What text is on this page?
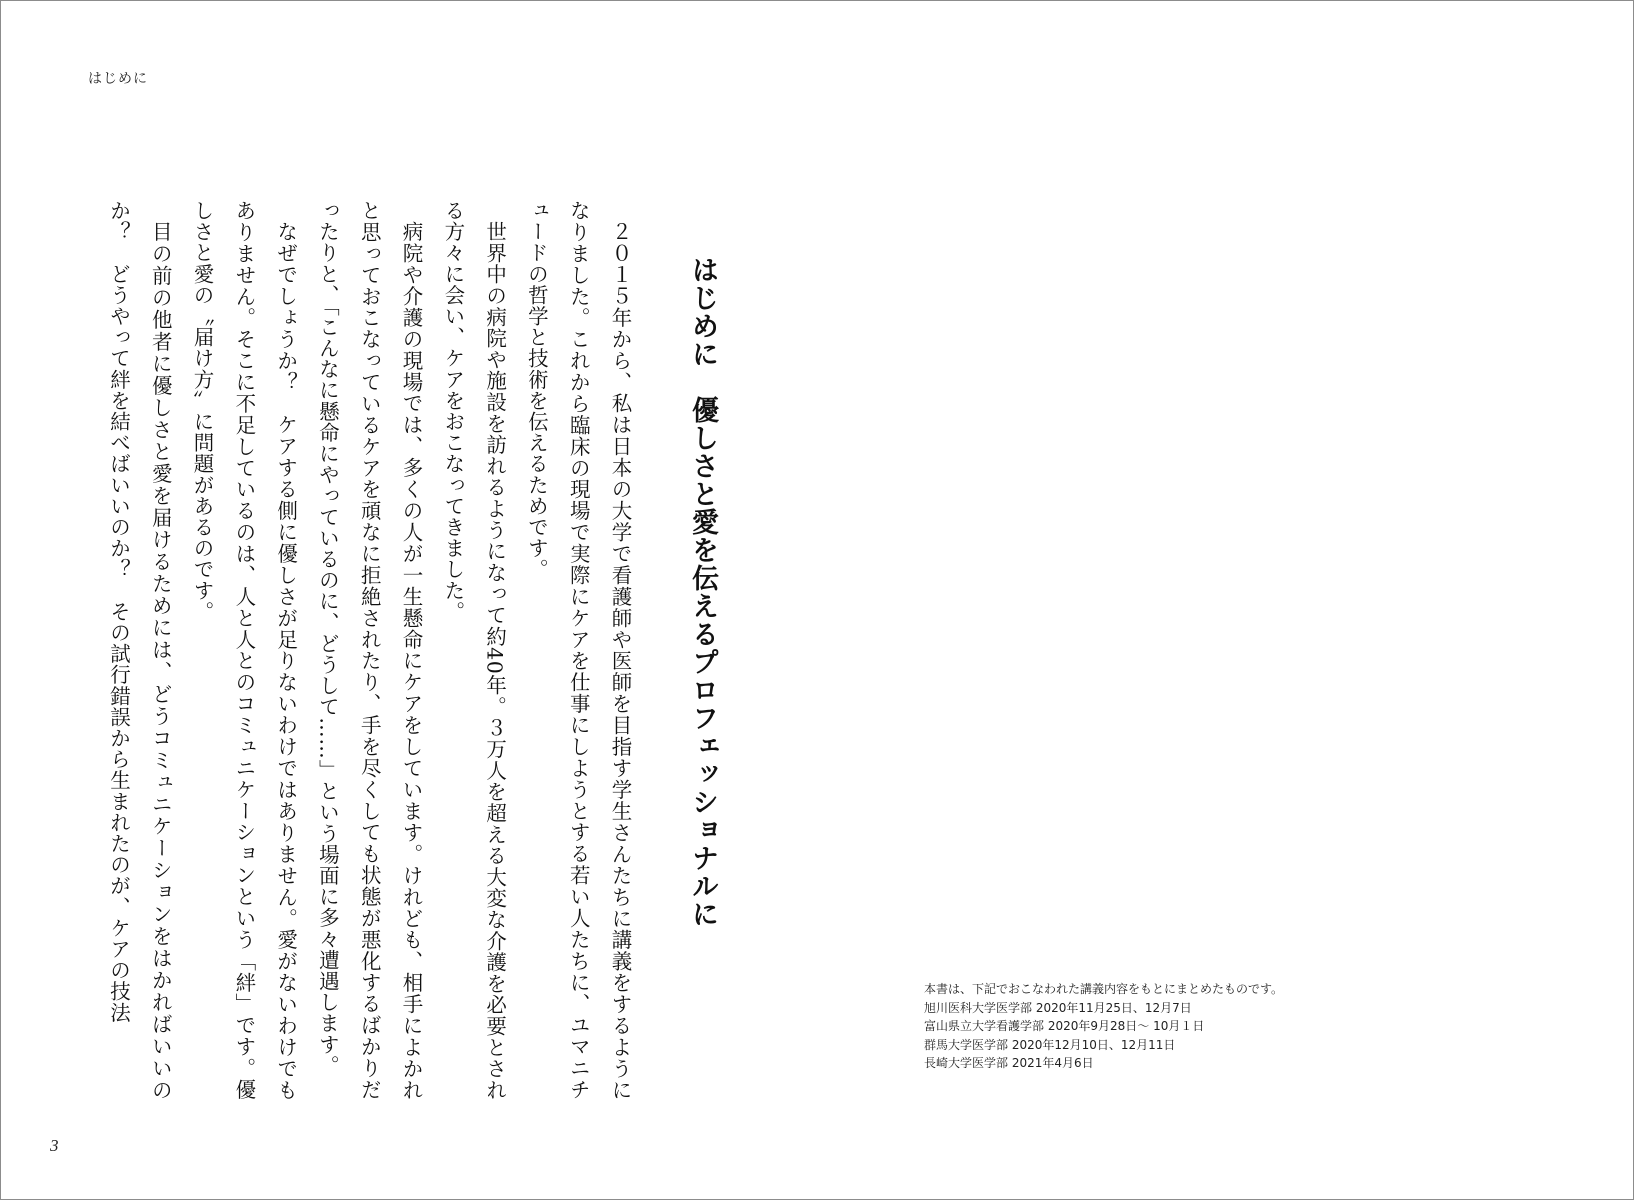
はじめに
はじめに　優しさと愛を伝えるプロフェッショナルに

２０１５年から、私は日本の大学で看護師や医師を目指す学生さんたちに講義をするようになりました。これから臨床の現場で実際にケアを仕事にしようとする若い人たちに、ユマニチュードの哲学と技術を伝えるためです。

世界中の病院や施設を訪れるようになって約40年。３万人を超える大変な介護を必要とされる方々に会い、ケアをおこなってきました。

病院や介護の現場では、多くの人が一生懸命にケアをしています。けれども、相手によかれと思っておこなっているケアを頑なに拒絶されたり、手を尽くしても状態が悪化するばかりだったりと、「こんなに懸命にやっているのに、どうして……」という場面に多々遭遇します。

なぜでしょうか？　ケアする側に優しさが足りないわけではありません。愛がないわけでもありません。そこに不足しているのは、人と人とのコミュニケーションという「絆」です。優しさと愛の〝届け方〟に問題があるのです。

目の前の他者に優しさと愛を届けるためには、どうコミュニケーションをはかればいいのか？　どうやって絆を結べばいいのか？　その試行錯誤から生まれたのが、ケアの技法	本書は、下記でおこなわれた講義内容をもとにまとめたものです。
旭川医科大学医学部 2020年11月25日、12月7日
富山県立大学看護学部 2020年9月28日～ 10月１日
群馬大学医学部 2020年12月10日、12月11日
長崎大学医学部 2021年4月6日
3
